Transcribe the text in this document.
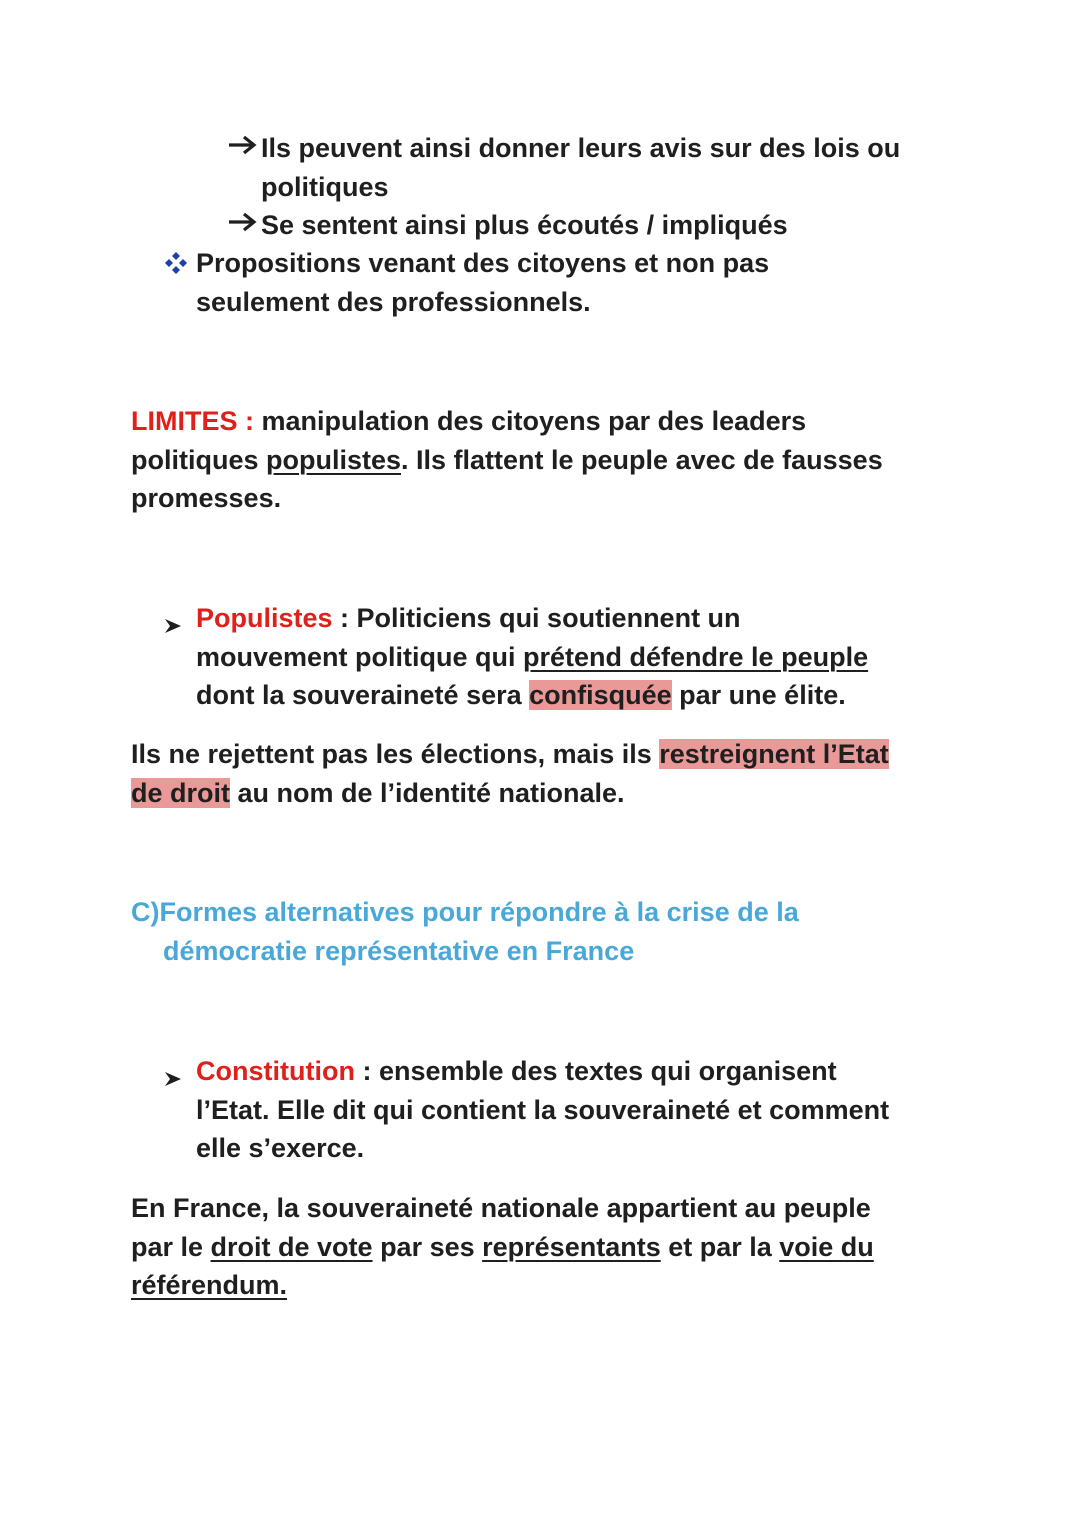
Ils peuvent ainsi donner leurs avis sur des lois ou
politiques
Se sentent ainsi plus écoutés / impliqués
Propositions venant des citoyens et non pas
seulement des professionnels.
LIMITES : manipulation des citoyens par des leaders
politiques populistes. Ils flattent le peuple avec de fausses
promesses.
Populistes : Politiciens qui soutiennent un
mouvement politique qui prétend défendre le peuple
dont la souveraineté sera confisquée par une élite.
Ils ne rejettent pas les élections, mais ils restreignent l’Etat
de droit au nom de l’identité nationale.
C)Formes alternatives pour répondre à la crise de la
démocratie représentative en France
Constitution : ensemble des textes qui organisent
l’Etat. Elle dit qui contient la souveraineté et comment
elle s’exerce.
En France, la souveraineté nationale appartient au peuple
par le droit de vote par ses représentants et par la voie du
référendum.
